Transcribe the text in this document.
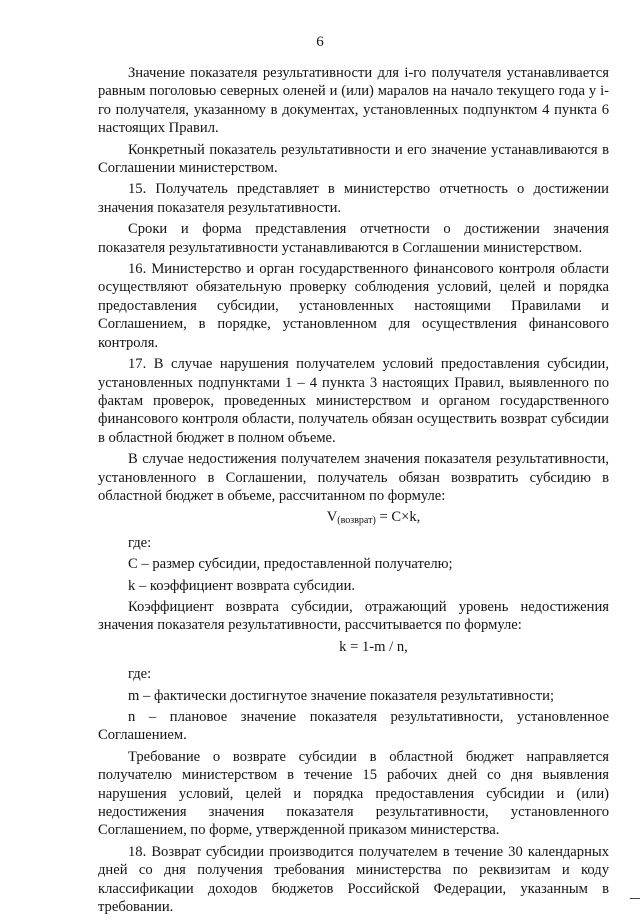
6

Значение показателя результативности для i-го получателя устанавливается равным поголовью северных оленей и (или) маралов на начало текущего года у i-го получателя, указанному в документах, установленных подпунктом 4 пункта 6 настоящих Правил.

Конкретный показатель результативности и его значение устанавливаются в Соглашении министерством.

15. Получатель представляет в министерство отчетность о достижении значения показателя результативности.

Сроки и форма представления отчетности о достижении значения показателя результативности устанавливаются в Соглашении министерством.

16. Министерство и орган государственного финансового контроля области осуществляют обязательную проверку соблюдения условий, целей и порядка предоставления субсидии, установленных настоящими Правилами и Соглашением, в порядке, установленном для осуществления финансового контроля.

17. В случае нарушения получателем условий предоставления субсидии, установленных подпунктами 1 – 4 пункта 3 настоящих Правил, выявленного по фактам проверок, проведенных министерством и органом государственного финансового контроля области, получатель обязан осуществить возврат субсидии в областной бюджет в полном объеме.

В случае недостижения получателем значения показателя результативности, установленного в Соглашении, получатель обязан возвратить субсидию в областной бюджет в объеме, рассчитанном по формуле:

$V_{(возврат)} = C\times k$,

где:

C – размер субсидии, предоставленной получателю;

k – коэффициент возврата субсидии.

Коэффициент возврата субсидии, отражающий уровень недостижения значения показателя результативности, рассчитывается по формуле:

k = 1-m / n,

где:

m – фактически достигнутое значение показателя результативности;

n – плановое значение показателя результативности, установленное Соглашением.

Требование о возврате субсидии в областной бюджет направляется получателю министерством в течение 15 рабочих дней со дня выявления нарушения условий, целей и порядка предоставления субсидии и (или) недостижения значения показателя результативности, установленного Соглашением, по форме, утвержденной приказом министерства.

18. Возврат субсидии производится получателем в течение 30 календарных дней со дня получения требования министерства по реквизитам и коду классификации доходов бюджетов Российской Федерации, указанным в требовании.
